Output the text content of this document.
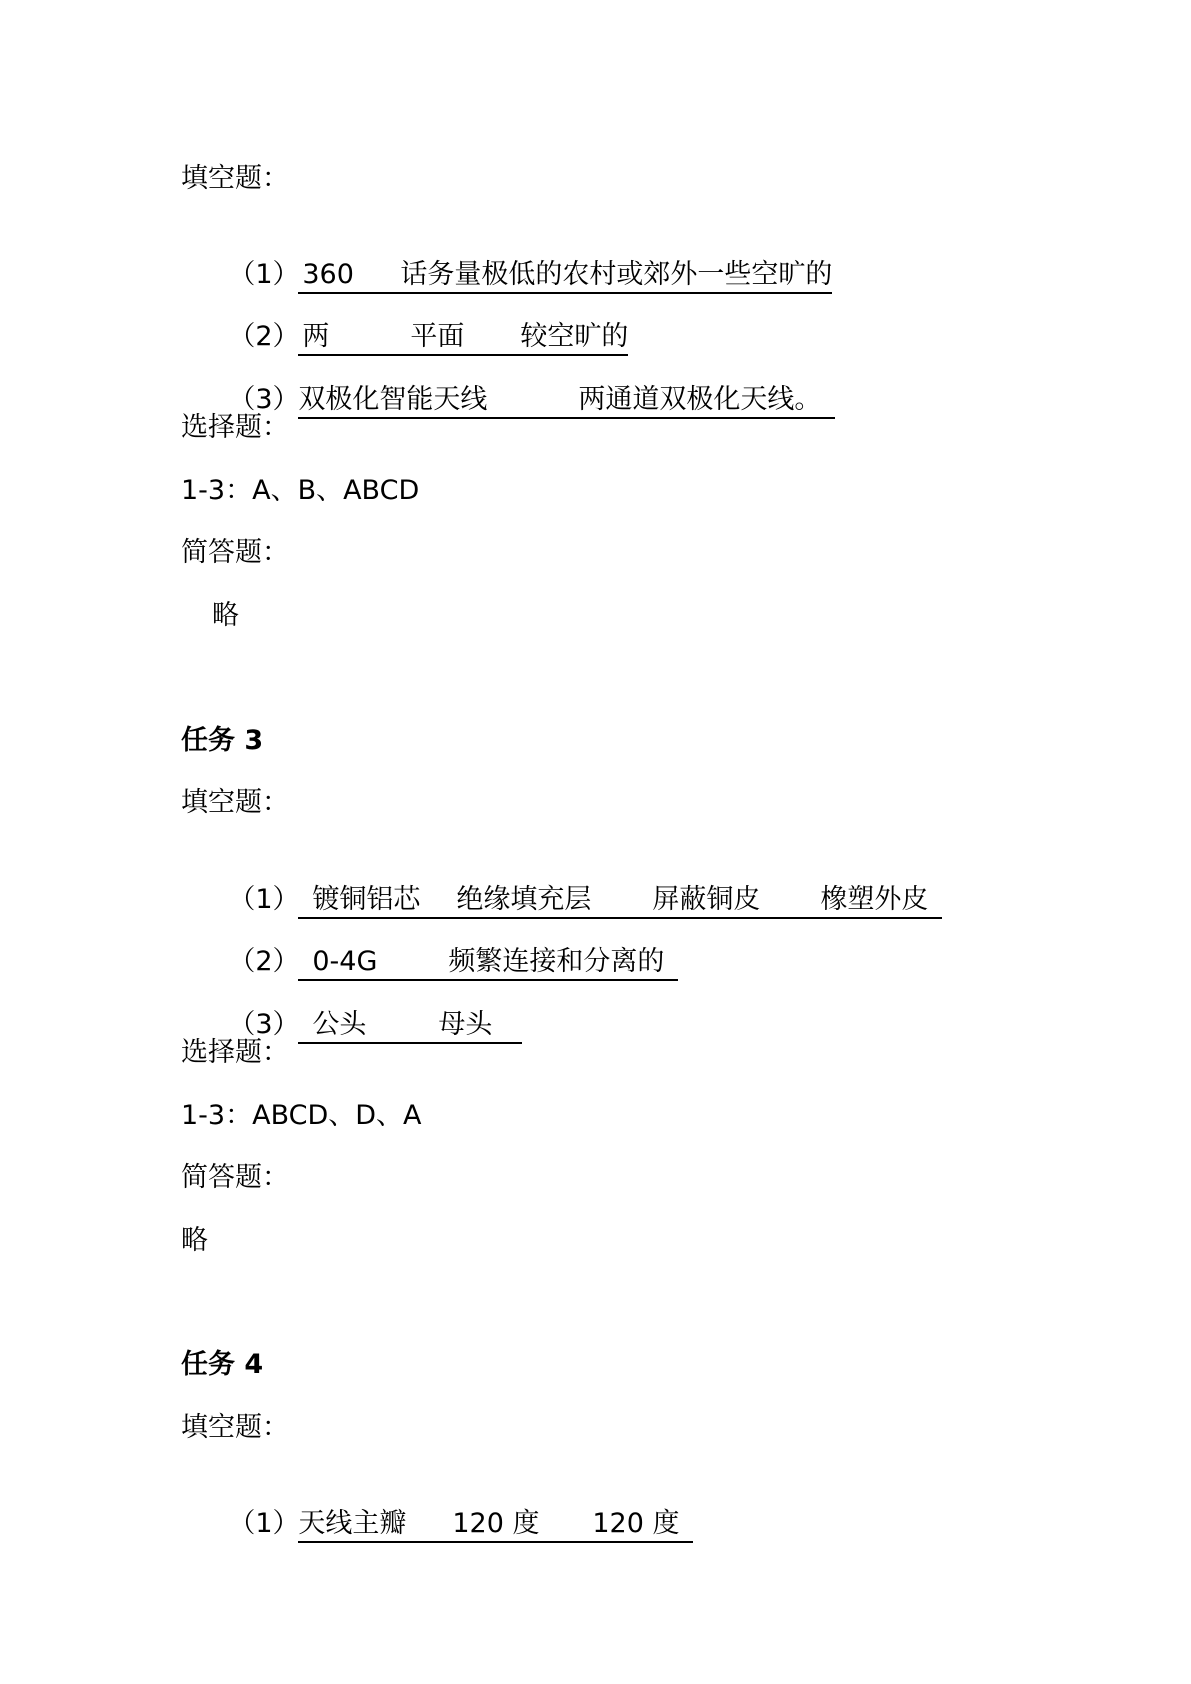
填空题：

（1） 360 话务量极低的农村或郊外一些空旷的

（2） 两	平面 较空旷的

（3）双极化智能天线	两通道双极化天线。

选择题：
1-3：A、B、ABCD
简答题：
略
任务 3
填空题：

（1） 镀铜铝芯 绝缘填充层 屏蔽铜皮 橡塑外皮

（2） 0-4G	频繁连接和分离的

（3） 公头	母头

选择题：
1-3：ABCD、D、A
简答题：
略
任务 4
填空题：

（1）天线主瓣 120 度 120 度
